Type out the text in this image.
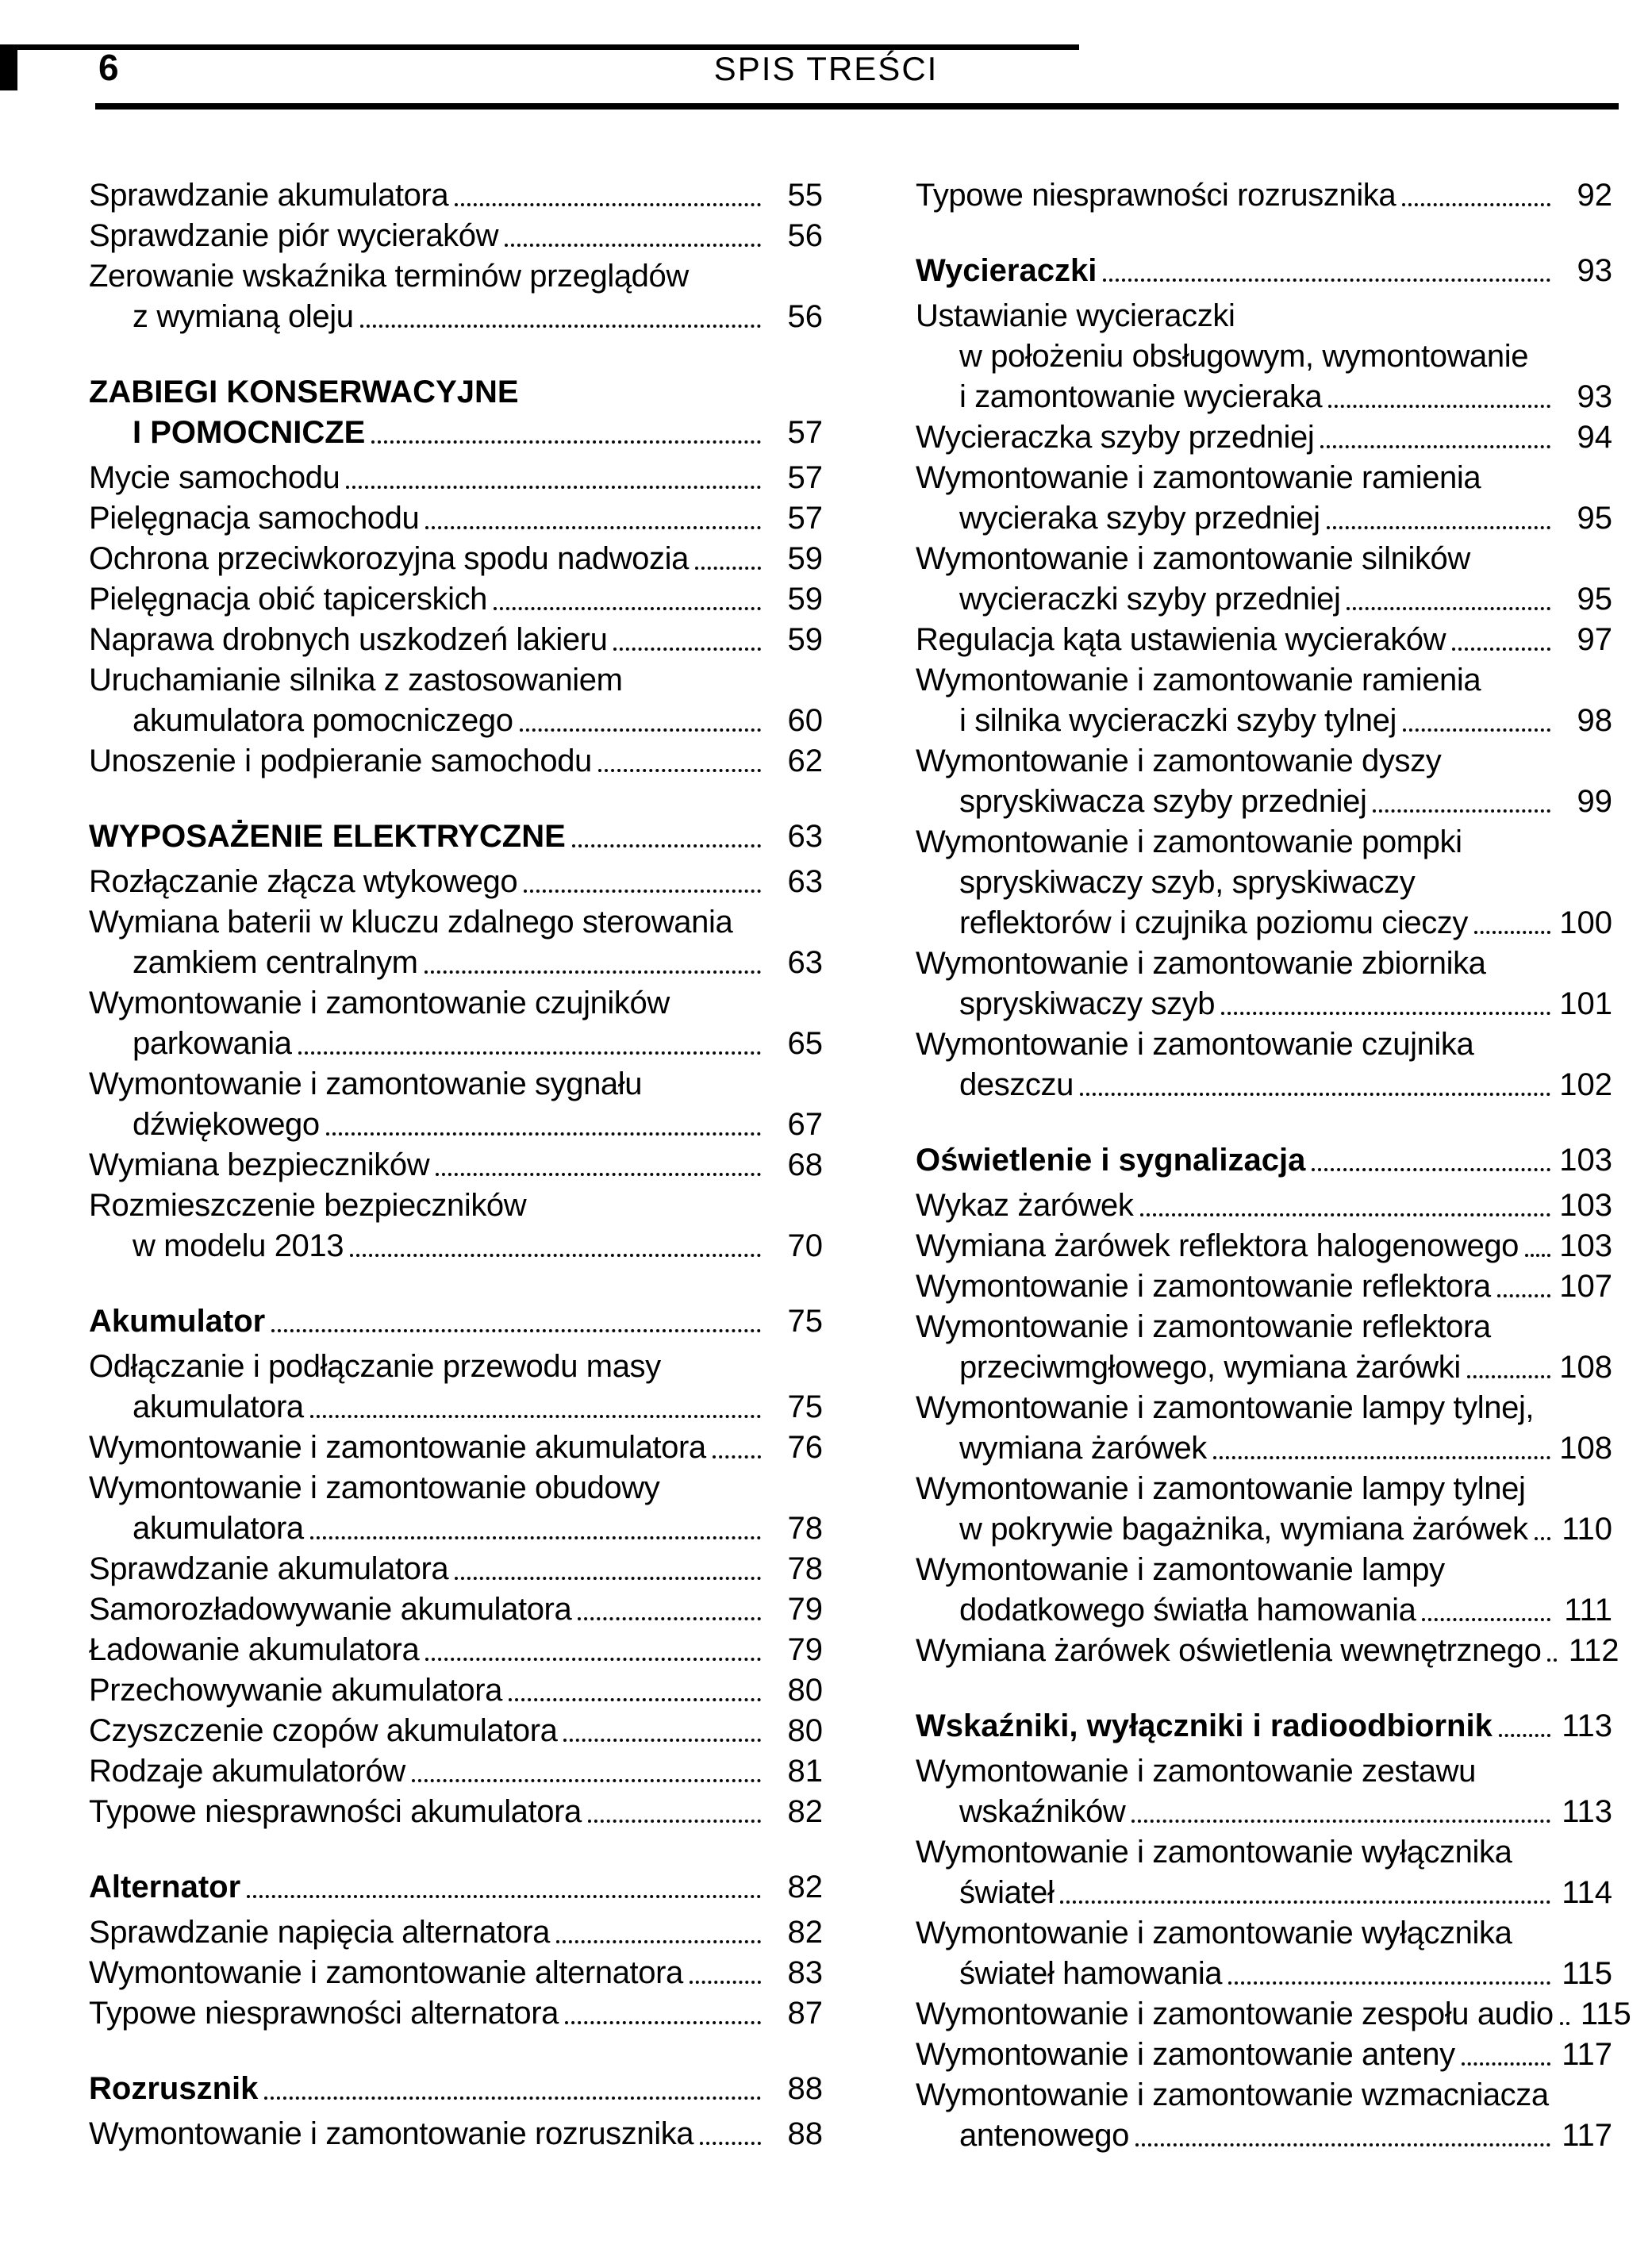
6	SPIS TREŚCI
Sprawdzanie akumulatora	55
Sprawdzanie piór wycieraków	56
Zerowanie wskaźnika terminów przeglądów
z wymianą oleju	56
ZABIEGI KONSERWACYJNE
I POMOCNICZE	57
Mycie samochodu	57
Pielęgnacja samochodu	57
Ochrona przeciwkorozyjna spodu nadwozia	59
Pielęgnacja obić tapicerskich	59
Naprawa drobnych uszkodzeń lakieru	59
Uruchamianie silnika z zastosowaniem
akumulatora pomocniczego	60
Unoszenie i podpieranie samochodu	62
WYPOSAŻENIE ELEKTRYCZNE	63
Rozłączanie złącza wtykowego	63
Wymiana baterii w kluczu zdalnego sterowania
zamkiem centralnym	63
Wymontowanie i zamontowanie czujników
parkowania	65
Wymontowanie i zamontowanie sygnału
dźwiękowego	67
Wymiana bezpieczników	68
Rozmieszczenie bezpieczników
w modelu 2013	70
Akumulator	75
Odłączanie i podłączanie przewodu masy
akumulatora	75
Wymontowanie i zamontowanie akumulatora	76
Wymontowanie i zamontowanie obudowy
akumulatora	78
Sprawdzanie akumulatora	78
Samorozładowywanie akumulatora	79
Ładowanie akumulatora	79
Przechowywanie akumulatora	80
Czyszczenie czopów akumulatora	80
Rodzaje akumulatorów	81
Typowe niesprawności akumulatora	82
Alternator	82
Sprawdzanie napięcia alternatora	82
Wymontowanie i zamontowanie alternatora	83
Typowe niesprawności alternatora	87
Rozrusznik	88
Wymontowanie i zamontowanie rozrusznika	88
Typowe niesprawności rozrusznika	92
Wycieraczki	93
Ustawianie wycieraczki
w położeniu obsługowym, wymontowanie
i zamontowanie wycieraka	93
Wycieraczka szyby przedniej	94
Wymontowanie i zamontowanie ramienia
wycieraka szyby przedniej	95
Wymontowanie i zamontowanie silników
wycieraczki szyby przedniej	95
Regulacja kąta ustawienia wycieraków	97
Wymontowanie i zamontowanie ramienia
i silnika wycieraczki szyby tylnej	98
Wymontowanie i zamontowanie dyszy
spryskiwacza szyby przedniej	99
Wymontowanie i zamontowanie pompki
spryskiwaczy szyb, spryskiwaczy
reflektorów i czujnika poziomu cieczy	100
Wymontowanie i zamontowanie zbiornika
spryskiwaczy szyb	101
Wymontowanie i zamontowanie czujnika
deszczu	102
Oświetlenie i sygnalizacja	103
Wykaz żarówek	103
Wymiana żarówek reflektora halogenowego 103
Wymontowanie i zamontowanie reflektora 107
Wymontowanie i zamontowanie reflektora
przeciwmgłowego, wymiana żarówki	108
Wymontowanie i zamontowanie lampy tylnej,
wymiana żarówek	108
Wymontowanie i zamontowanie lampy tylnej
w pokrywie bagażnika, wymiana żarówek 110
Wymontowanie i zamontowanie lampy
dodatkowego światła hamowania	111
Wymiana żarówek oświetlenia wewnętrznego 112
Wskaźniki, wyłączniki i radioodbiornik 113
Wymontowanie i zamontowanie zestawu
wskaźników	113
Wymontowanie i zamontowanie wyłącznika
świateł	114
Wymontowanie i zamontowanie wyłącznika
świateł hamowania	115
Wymontowanie i zamontowanie zespołu audio 115
Wymontowanie i zamontowanie anteny	117
Wymontowanie i zamontowanie wzmacniacza
antenowego	117
